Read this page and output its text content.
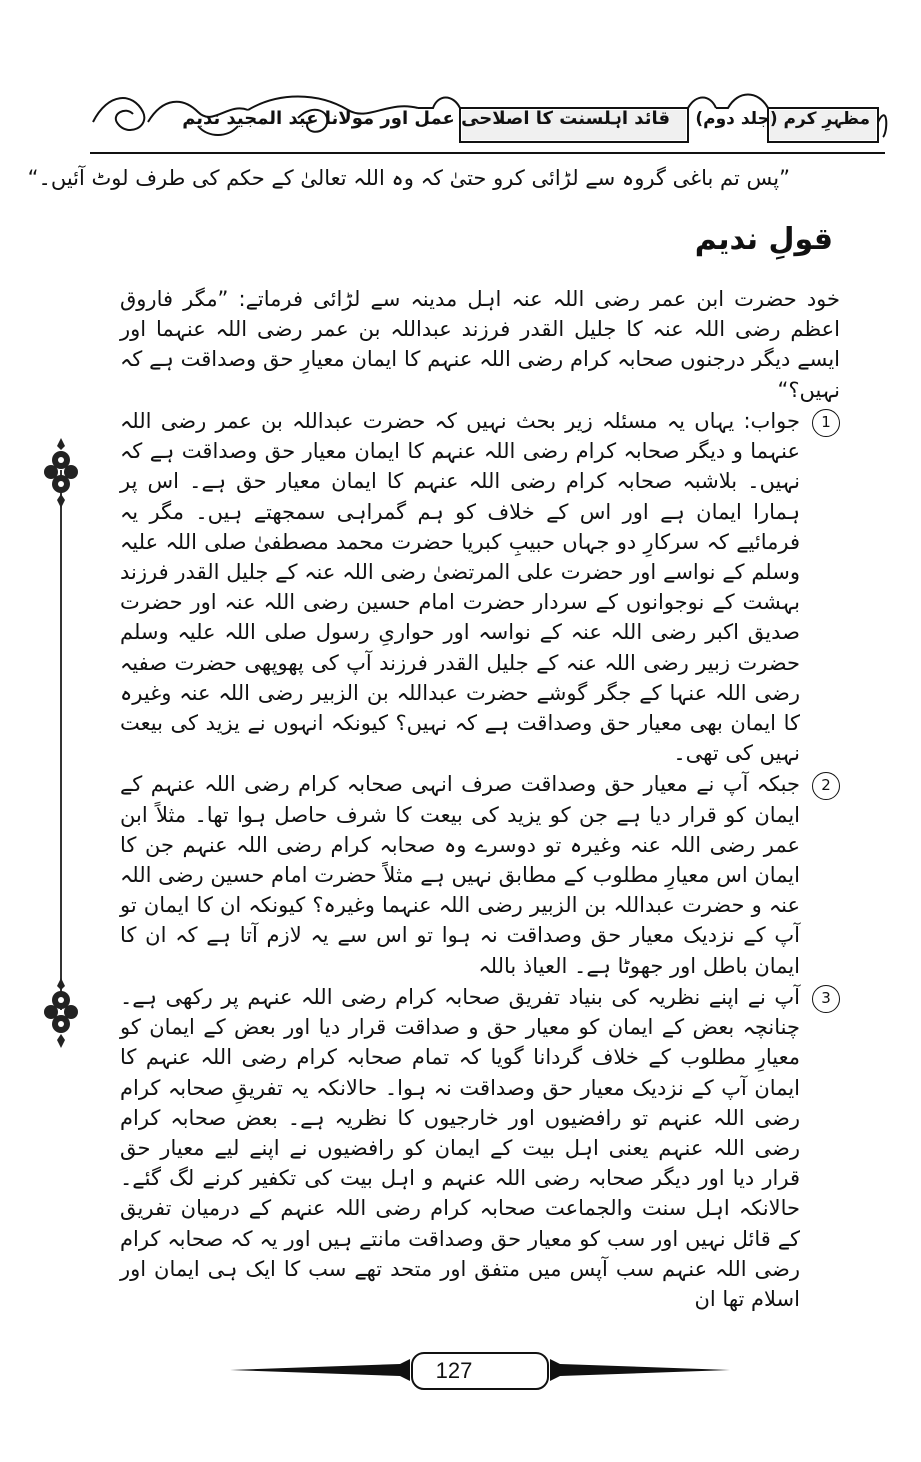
قائد اہلسنت کا اصلاحی عمل اور مولانا عبد المجید ندیم مظہرِ کرم (جلد دوم)
”پس تم باغی گروہ سے لڑائی کرو حتیٰ کہ وہ اللہ تعالیٰ کے حکم کی طرف لوٹ آئیں۔“
قولِ ندیم

خود حضرت ابن عمر رضی اللہ عنہ اہل مدینہ سے لڑائی فرماتے: ”مگر فاروق اعظم رضی اللہ عنہ کا جلیل القدر فرزند عبداللہ بن عمر رضی اللہ عنہما اور ایسے دیگر درجنوں صحابہ کرام رضی اللہ عنہم کا ایمان معیارِ حق وصداقت ہے کہ نہیں؟“

1
جواب: یہاں یہ مسئلہ زیر بحث نہیں کہ حضرت عبداللہ بن عمر رضی اللہ عنہما و دیگر صحابہ کرام رضی اللہ عنہم کا ایمان معیار حق وصداقت ہے کہ نہیں۔ بلاشبہ صحابہ کرام رضی اللہ عنہم کا ایمان معیار حق ہے۔ اس پر ہمارا ایمان ہے اور اس کے خلاف کو ہم گمراہی سمجھتے ہیں۔ مگر یہ فرمائیے کہ سرکارِ دو جہاں حبیبِ کبریا حضرت محمد مصطفیٰ صلی اللہ علیہ وسلم کے نواسے اور حضرت علی المرتضیٰ رضی اللہ عنہ کے جلیل القدر فرزند بہشت کے نوجوانوں کے سردار حضرت امام حسین رضی اللہ عنہ اور حضرت صدیق اکبر رضی اللہ عنہ کے نواسہ اور حواریِ رسول صلی اللہ علیہ وسلم حضرت زبیر رضی اللہ عنہ کے جلیل القدر فرزند آپ کی پھوپھی حضرت صفیہ رضی اللہ عنہا کے جگر گوشے حضرت عبداللہ بن الزبیر رضی اللہ عنہ وغیرہ کا ایمان بھی معیار حق وصداقت ہے کہ نہیں؟ کیونکہ انہوں نے یزید کی بیعت نہیں کی تھی۔

2
جبکہ آپ نے معیار حق وصداقت صرف انہی صحابہ کرام رضی اللہ عنہم کے ایمان کو قرار دیا ہے جن کو یزید کی بیعت کا شرف حاصل ہوا تھا۔ مثلاً ابن عمر رضی اللہ عنہ وغیرہ تو دوسرے وہ صحابہ کرام رضی اللہ عنہم جن کا ایمان اس معیارِ مطلوب کے مطابق نہیں ہے مثلاً حضرت امام حسین رضی اللہ عنہ و حضرت عبداللہ بن الزبیر رضی اللہ عنہما وغیرہ؟ کیونکہ ان کا ایمان تو آپ کے نزدیک معیار حق وصداقت نہ ہوا تو اس سے یہ لازم آتا ہے کہ ان کا ایمان باطل اور جھوٹا ہے۔ العیاذ باللہ

3
آپ نے اپنے نظریہ کی بنیاد تفریق صحابہ کرام رضی اللہ عنہم پر رکھی ہے۔ چنانچہ بعض کے ایمان کو معیار حق و صداقت قرار دیا اور بعض کے ایمان کو معیارِ مطلوب کے خلاف گردانا گویا کہ تمام صحابہ کرام رضی اللہ عنہم کا ایمان آپ کے نزدیک معیار حق وصداقت نہ ہوا۔ حالانکہ یہ تفریقِ صحابہ کرام رضی اللہ عنہم تو رافضیوں اور خارجیوں کا نظریہ ہے۔ بعض صحابہ کرام رضی اللہ عنہم یعنی اہل بیت کے ایمان کو رافضیوں نے اپنے لیے معیار حق قرار دیا اور دیگر صحابہ رضی اللہ عنہم و اہل بیت کی تکفیر کرنے لگ گئے۔ حالانکہ اہل سنت والجماعت صحابہ کرام رضی اللہ عنہم کے درمیان تفریق کے قائل نہیں اور سب کو معیار حق وصداقت مانتے ہیں اور یہ کہ صحابہ کرام رضی اللہ عنہم سب آپس میں متفق اور متحد تھے سب کا ایک ہی ایمان اور اسلام تھا ان

127
